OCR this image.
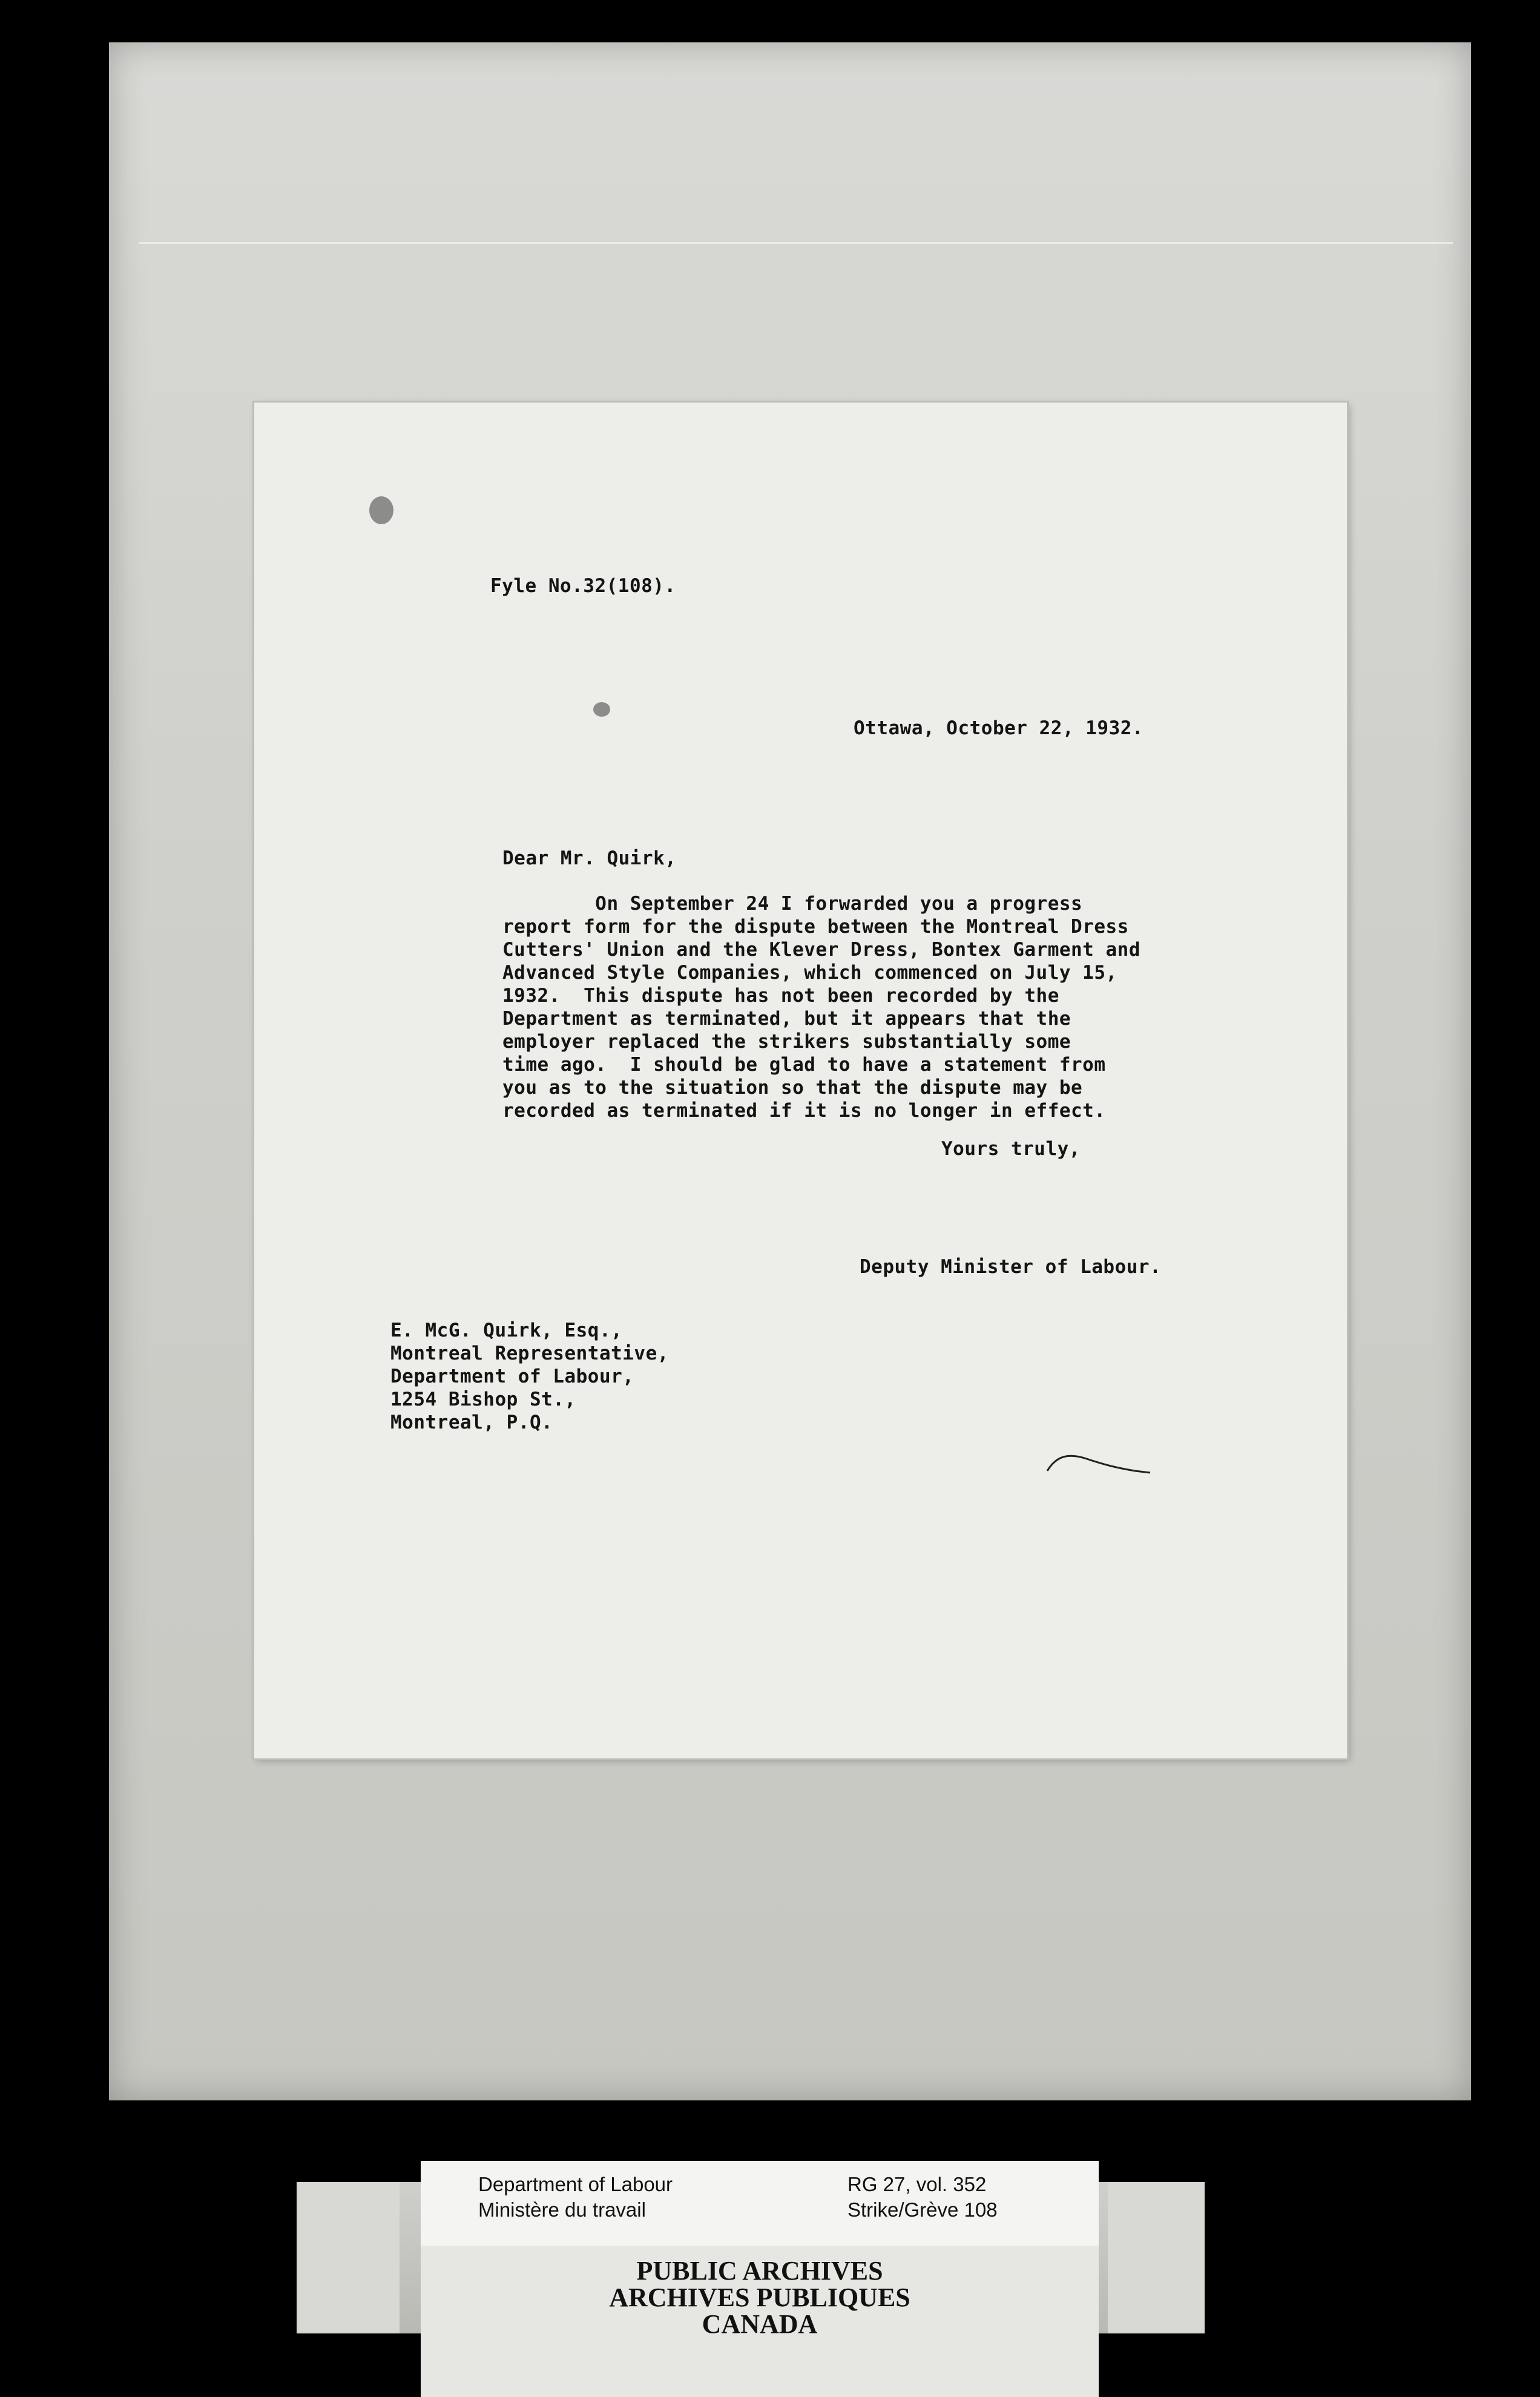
Fyle No.32(108).
Ottawa, October 22, 1932.
Dear Mr. Quirk,
On September 24 I forwarded you a progress
report form for the dispute between the Montreal Dress
Cutters' Union and the Klever Dress, Bontex Garment and
Advanced Style Companies, which commenced on July 15,
1932.  This dispute has not been recorded by the
Department as terminated, but it appears that the
employer replaced the strikers substantially some
time ago.  I should be glad to have a statement from
you as to the situation so that the dispute may be
recorded as terminated if it is no longer in effect.
Yours truly,
Deputy Minister of Labour.
E. McG. Quirk, Esq.,
Montreal Representative,
Department of Labour,
1254 Bishop St.,
Montreal, P.Q.
Department of Labour
Ministère du travail
RG 27, vol. 352
Strike/Grève 108
PUBLIC ARCHIVES
ARCHIVES PUBLIQUES
CANADA
